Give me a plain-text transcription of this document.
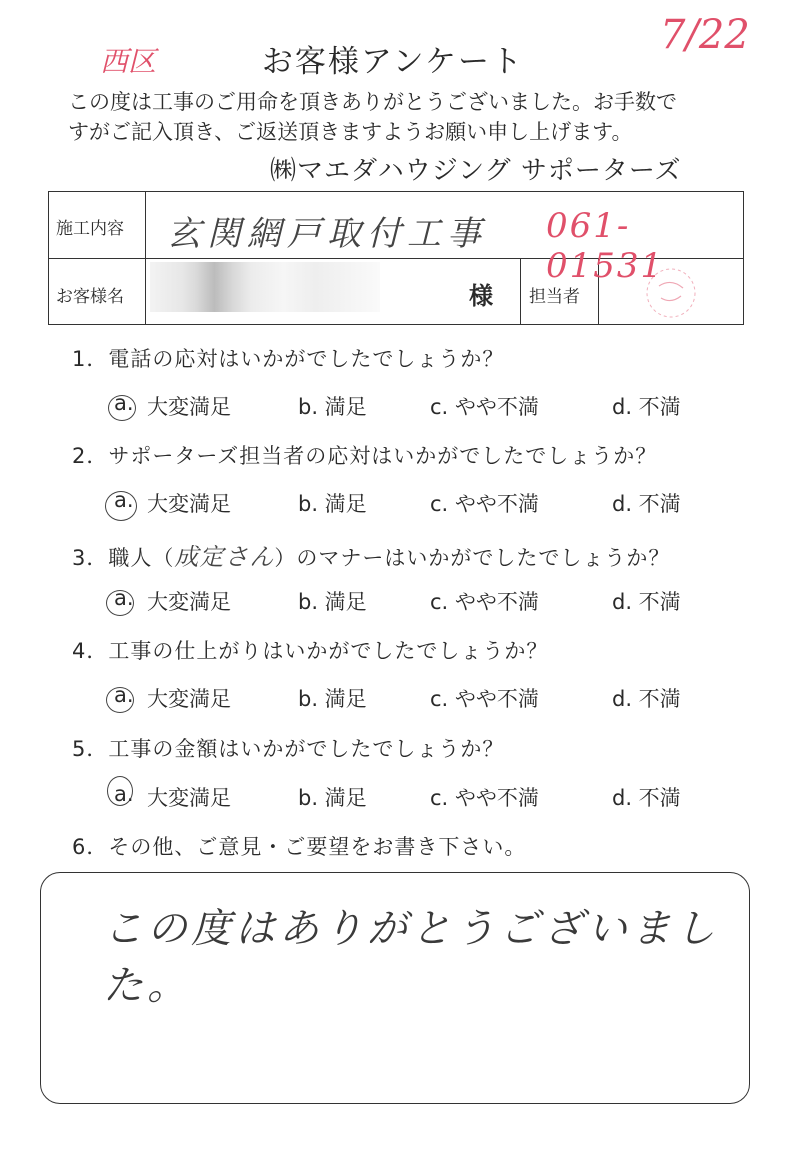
西区	お客様アンケート
7/22
この度は工事のご用命を頂きありがとうございました。お手数で
すがご記入頂き、ご返送頂きますようお願い申し上げます。
㈱マエダハウジング サポーターズ
施工内容 玄関網戸取付工事 061-01531
お客様名	様 担当者
1．電話の応対はいかがでしたでしょうか？
a. 大変満足	b. 満足	c. やや不満	d. 不満
2．サポーターズ担当者の応対はいかがでしたでしょうか？
a. 大変満足	b. 満足	c. やや不満	d. 不満
3．職人（成定さん）のマナーはいかがでしたでしょうか？
a. 大変満足	b. 満足	c. やや不満	d. 不満
4．工事の仕上がりはいかがでしたでしょうか？
a. 大変満足	b. 満足	c. やや不満	d. 不満
5．工事の金額はいかがでしたでしょうか？
a. 大変満足	b. 満足	c. やや不満	d. 不満
6．その他、ご意見・ご要望をお書き下さい。
この度はありがとうございました。
